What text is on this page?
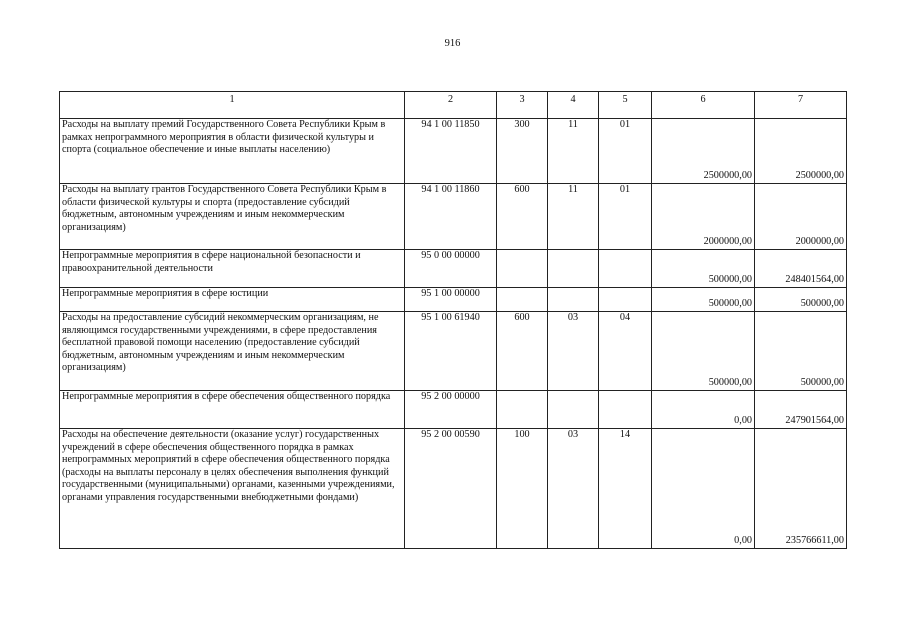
916
1	2	3	4	5	6	7
Расходы на выплату премий Государственного Совета Республики Крым в рамках непрограммного мероприятия в области физической культуры и спорта (социальное обеспечение и иные выплаты населению)	94 1 00 11850	300	11	01	2500000,00	2500000,00
Расходы на выплату грантов Государственного Совета Республики Крым в области физической культуры и спорта (предоставление субсидий бюджетным, автономным учреждениям и иным некоммерческим организациям)	94 1 00 11860	600	11	01	2000000,00	2000000,00
Непрограммные мероприятия в сфере национальной безопасности и правоохранительной деятельности	95 0 00 00000				500000,00	248401564,00
Непрограммные мероприятия в сфере юстиции	95 1 00 00000				500000,00	500000,00
Расходы на предоставление субсидий некоммерческим организациям, не являющимся государственными учреждениями, в сфере предоставления бесплатной правовой помощи населению (предоставление субсидий бюджетным, автономным учреждениям и иным некоммерческим организациям)	95 1 00 61940	600	03	04	500000,00	500000,00
Непрограммные мероприятия в сфере обеспечения общественного порядка	95 2 00 00000				0,00	247901564,00
Расходы на обеспечение деятельности (оказание услуг) государственных учреждений в сфере обеспечения общественного порядка в рамках непрограммных мероприятий в сфере обеспечения общественного порядка (расходы на выплаты персоналу в целях обеспечения выполнения функций государственными (муниципальными) органами, казенными учреждениями, органами управления государственными внебюджетными фондами)	95 2 00 00590	100	03	14	0,00	235766611,00
